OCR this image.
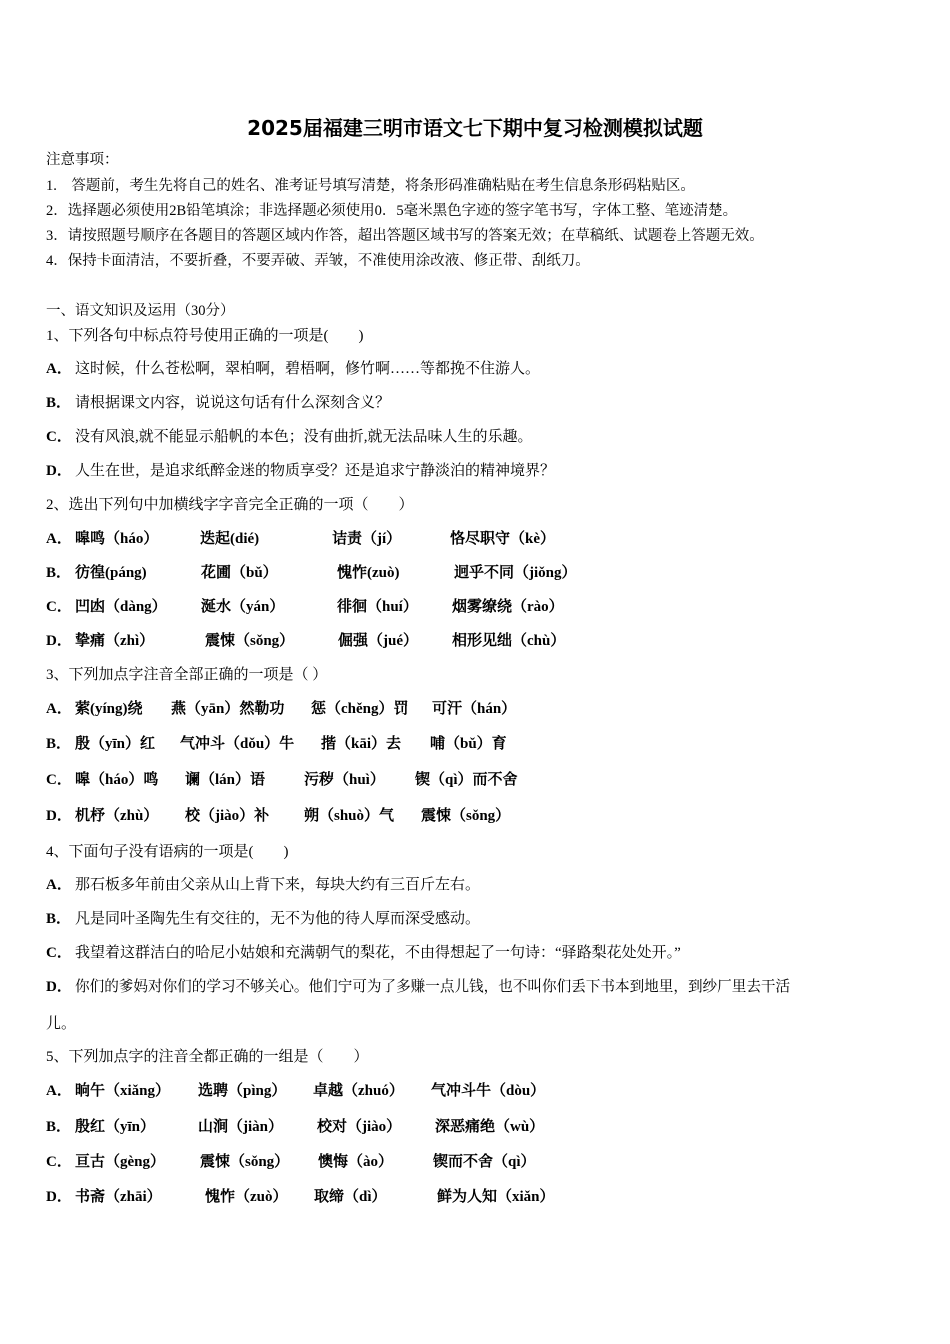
2025届福建三明市语文七下期中复习检测模拟试题
注意事项：
1.　答题前，考生先将自己的姓名、准考证号填写清楚，将条形码准确粘贴在考生信息条形码粘贴区。
2．选择题必须使用2B铅笔填涂；非选择题必须使用0．5毫米黑色字迹的签字笔书写，字体工整、笔迹清楚。
3．请按照题号顺序在各题目的答题区域内作答，超出答题区域书写的答案无效；在草稿纸、试题卷上答题无效。
4．保持卡面清洁，不要折叠，不要弄破、弄皱，不准使用涂改液、修正带、刮纸刀。
一、语文知识及运用（30分）
1、下列各句中标点符号使用正确的一项是(　　)
A． 这时候，什么苍松啊，翠柏啊，碧梧啊，修竹啊……等都挽不住游人。
B． 请根据课文内容，说说这句话有什么深刻含义？
C． 没有风浪,就不能显示船帆的本色；没有曲折,就无法品味人生的乐趣。
D． 人生在世，是追求纸醉金迷的物质享受？还是追求宁静淡泊的精神境界？
2、选出下列句中加横线字字音完全正确的一项（　　）
A． 嗥鸣（háo）	迭起(dié)	诘责（jí）	恪尽职守（kè）
B． 彷徨(páng)	花圃（bǔ）	愧怍(zuò)	迥乎不同（jiǒng）
C． 凹凼（dàng） 涎水（yán）	徘徊（huí） 烟雾缭绕（rào）
D． 挚痛（zhì）	震悚（sǒng）	倔强（jué） 相形见绌（chù）
3、下列加点字注音全部正确的一项是（ ）
A． 萦(yíng)绕 燕（yān）然勒功 惩（chěng）罚 可汗（hán）
B． 殷（yīn）红 气冲斗（dǒu）牛 揩（kāi）去 哺（bǔ）育
C． 嗥（háo）鸣 谰（lán）语	污秽（huì） 锲（qì）而不舍
D． 机杼（zhù） 校（jiào）补 朔（shuò）气 震悚（sǒng）
4、下面句子没有语病的一项是(　　)
A． 那石板多年前由父亲从山上背下来，每块大约有三百斤左右。
B． 凡是同叶圣陶先生有交往的，无不为他的待人厚而深受感动。
C． 我望着这群洁白的哈尼小姑娘和充满朝气的梨花，不由得想起了一句诗：“驿路梨花处处开。”
D． 你们的爹妈对你们的学习不够关心。他们宁可为了多赚一点儿钱，也不叫你们丢下书本到地里，到纱厂里去干活
儿。
5、下列加点字的注音全都正确的一组是（　　）
A． 晌午（xiǎng） 选聘（pìng） 卓越（zhuó） 气冲斗牛（dòu）
B． 殷红（yīn）	山涧（jiàn） 校对（jiào） 深恶痛绝（wù）
C． 亘古（gèng） 震悚（sǒng） 懊悔（ào）	锲而不舍（qì）
D． 书斋（zhāi）	愧怍（zuò） 取缔（dì）	鲜为人知（xiǎn）
